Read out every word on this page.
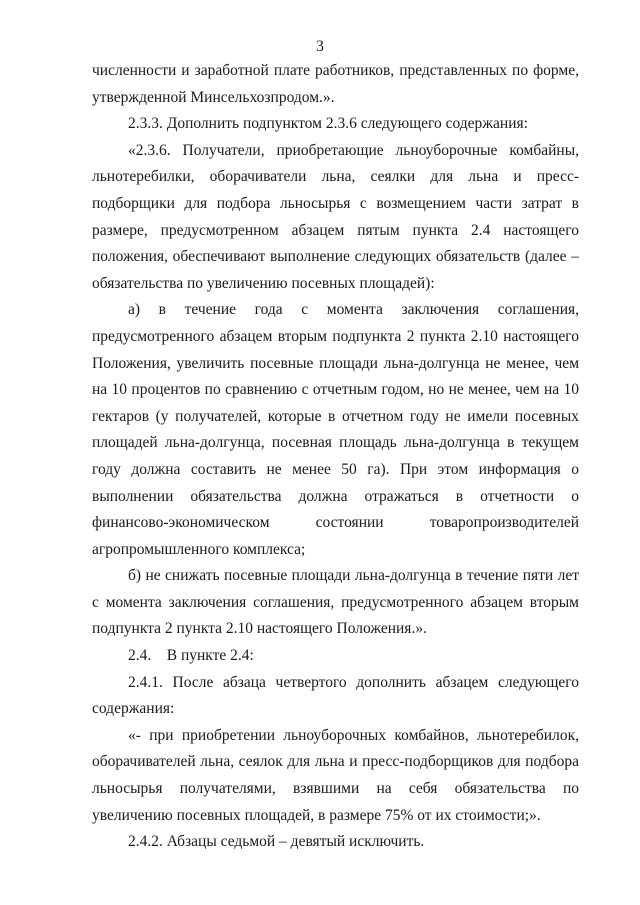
3

численности и заработной плате работников, представленных по форме, утвержденной Минсельхозпродом.».

2.3.3. Дополнить подпунктом 2.3.6 следующего содержания:

«2.3.6. Получатели, приобретающие льноуборочные комбайны, льнотеребилки, оборачиватели льна, сеялки для льна и пресс-подборщики для подбора льносырья с возмещением части затрат в размере, предусмотренном абзацем пятым пункта 2.4 настоящего положения, обеспечивают выполнение следующих обязательств (далее – обязательства по увеличению посевных площадей):

а) в течение года с момента заключения соглашения, предусмотренного абзацем вторым подпункта 2 пункта 2.10 настоящего Положения, увеличить посевные площади льна-долгунца не менее, чем на 10 процентов по сравнению с отчетным годом, но не менее, чем на 10 гектаров (у получателей, которые в отчетном году не имели посевных площадей льна-долгунца, посевная площадь льна-долгунца в текущем году должна составить не менее 50 га). При этом информация о выполнении обязательства должна отражаться в отчетности о финансово-экономическом состоянии товаропроизводителей агропромышленного комплекса;

б) не снижать посевные площади льна-долгунца в течение пяти лет с момента заключения соглашения, предусмотренного абзацем вторым подпункта 2 пункта 2.10 настоящего Положения.».

2.4.    В пункте 2.4:

2.4.1. После абзаца четвертого дополнить абзацем следующего содержания:

«- при приобретении льноуборочных комбайнов, льнотеребилок, оборачивателей льна, сеялок для льна и пресс-подборщиков для подбора льносырья получателями, взявшими на себя обязательства по увеличению посевных площадей, в размере 75% от их стоимости;».

2.4.2. Абзацы седьмой – девятый исключить.
